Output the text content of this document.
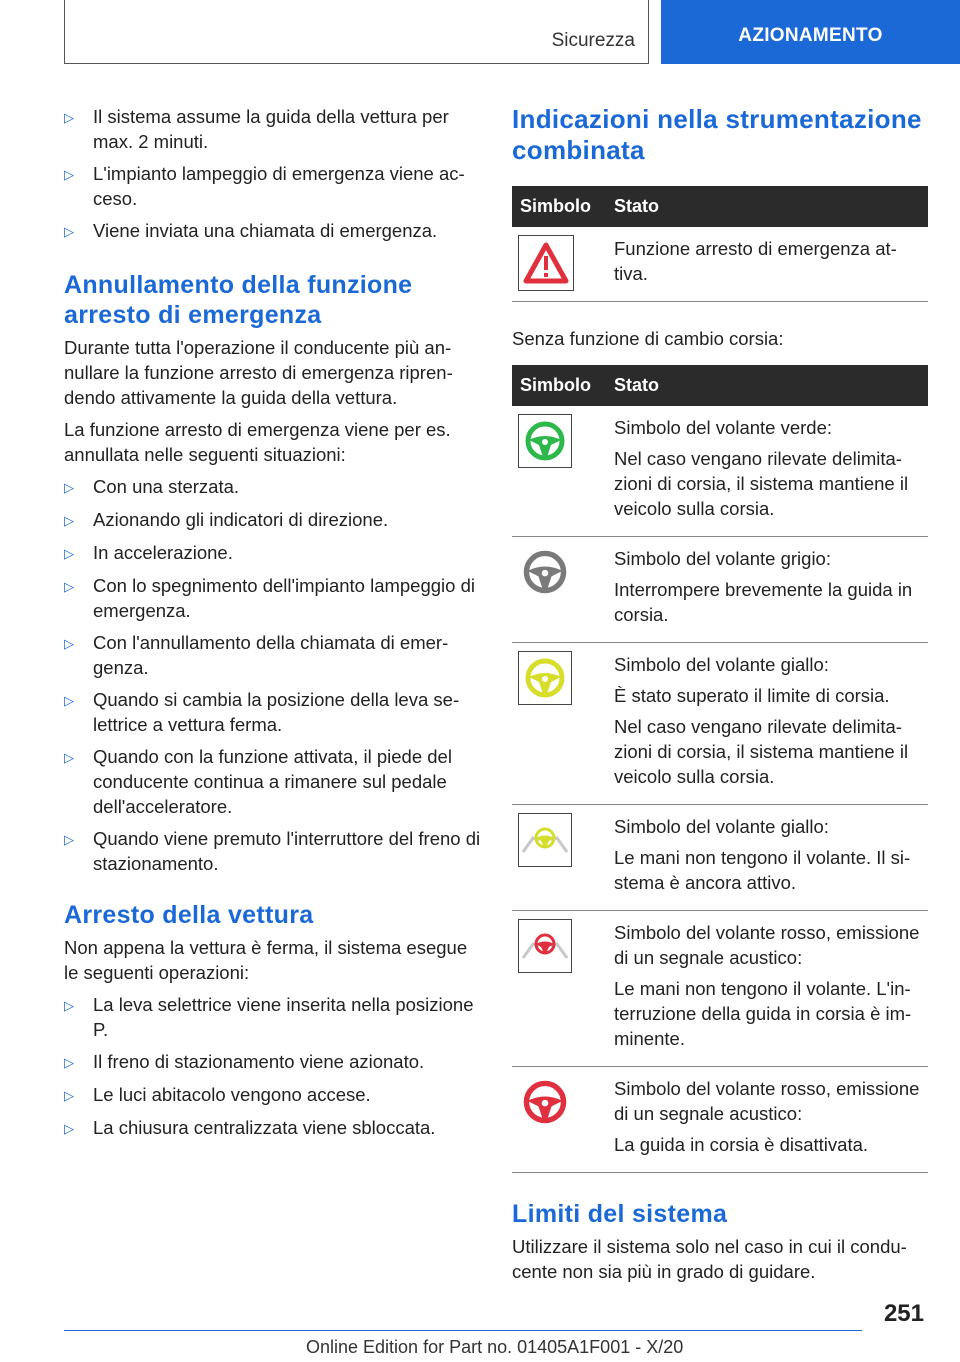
Sicurezza	AZIONAMENTO
▷	Il sistema assume la guida della vettura per max. 2 minuti.
▷	L'impianto lampeggio di emergenza viene acceso.
▷	Viene inviata una chiamata di emergenza.
Annullamento della funzione arresto di emergenza

Durante tutta l'operazione il conducente più annullare la funzione arresto di emergenza riprendendo attivamente la guida della vettura.

La funzione arresto di emergenza viene per es. annullata nelle seguenti situazioni:

▷	Con una sterzata.
▷	Azionando gli indicatori di direzione.
▷	In accelerazione.
▷	Con lo spegnimento dell'impianto lampeggio di emergenza.
▷	Con l'annullamento della chiamata di emergenza.
▷	Quando si cambia la posizione della leva selettrice a vettura ferma.
▷	Quando con la funzione attivata, il piede del conducente continua a rimanere sul pedale dell'acceleratore.
▷	Quando viene premuto l'interruttore del freno di stazionamento.
Arresto della vettura

Non appena la vettura è ferma, il sistema esegue le seguenti operazioni:

▷	La leva selettrice viene inserita nella posizione P.
▷	Il freno di stazionamento viene azionato.
▷	Le luci abitacolo vengono accese.
▷	La chiusura centralizzata viene sbloccata.
Indicazioni nella strumentazione combinata
Simbolo	Stato

Funzione arresto di emergenza attiva.

Senza funzione di cambio corsia:

Simbolo	Stato

Simbolo del volante verde:

Nel caso vengano rilevate delimitazioni di corsia, il sistema mantiene il veicolo sulla corsia.

Simbolo del volante grigio:

Interrompere brevemente la guida in corsia.

Simbolo del volante giallo:

È stato superato il limite di corsia.

Nel caso vengano rilevate delimitazioni di corsia, il sistema mantiene il veicolo sulla corsia.

Simbolo del volante giallo:

Le mani non tengono il volante. Il sistema è ancora attivo.

Simbolo del volante rosso, emissione di un segnale acustico:

Le mani non tengono il volante. L'interruzione della guida in corsia è imminente.

Simbolo del volante rosso, emissione di un segnale acustico:

La guida in corsia è disattivata.

Limiti del sistema

Utilizzare il sistema solo nel caso in cui il conducente non sia più in grado di guidare.

251
Online Edition for Part no. 01405A1F001 - X/20
